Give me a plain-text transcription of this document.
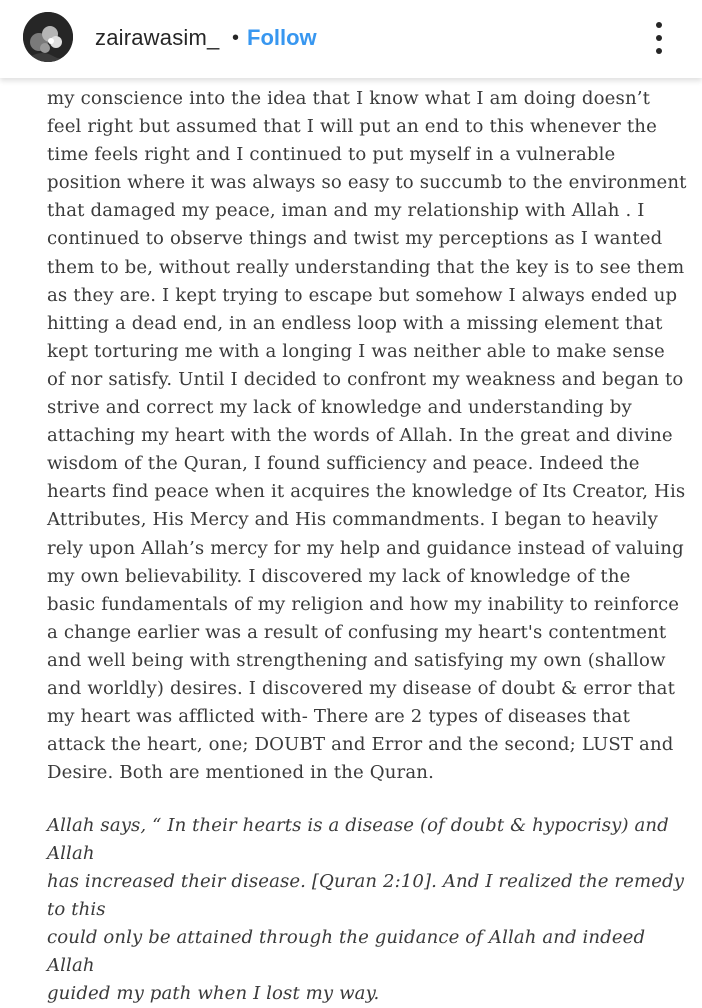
zairawasim_ • Follow

my conscience into the idea that I know what I am doing doesn’t
feel right but assumed that I will put an end to this whenever the
time feels right and I continued to put myself in a vulnerable
position where it was always so easy to succumb to the environment
that damaged my peace, iman and my relationship with Allah . I
continued to observe things and twist my perceptions as I wanted
them to be, without really understanding that the key is to see them
as they are. I kept trying to escape but somehow I always ended up
hitting a dead end, in an endless loop with a missing element that
kept torturing me with a longing I was neither able to make sense
of nor satisfy. Until I decided to confront my weakness and began to
strive and correct my lack of knowledge and understanding by
attaching my heart with the words of Allah. In the great and divine
wisdom of the Quran, I found sufficiency and peace. Indeed the
hearts find peace when it acquires the knowledge of Its Creator, His
Attributes, His Mercy and His commandments. I began to heavily
rely upon Allah’s mercy for my help and guidance instead of valuing
my own believability. I discovered my lack of knowledge of the
basic fundamentals of my religion and how my inability to reinforce
a change earlier was a result of confusing my heart's contentment
and well being with strengthening and satisfying my own (shallow
and worldly) desires. I discovered my disease of doubt & error that
my heart was afflicted with- There are 2 types of diseases that
attack the heart, one; DOUBT and Error and the second; LUST and
Desire. Both are mentioned in the Quran.

Allah says, “ In their hearts is a disease (of doubt & hypocrisy) and Allah
has increased their disease. [Quran 2:10]. And I realized the remedy to this
could only be attained through the guidance of Allah and indeed Allah
guided my path when I lost my way.
